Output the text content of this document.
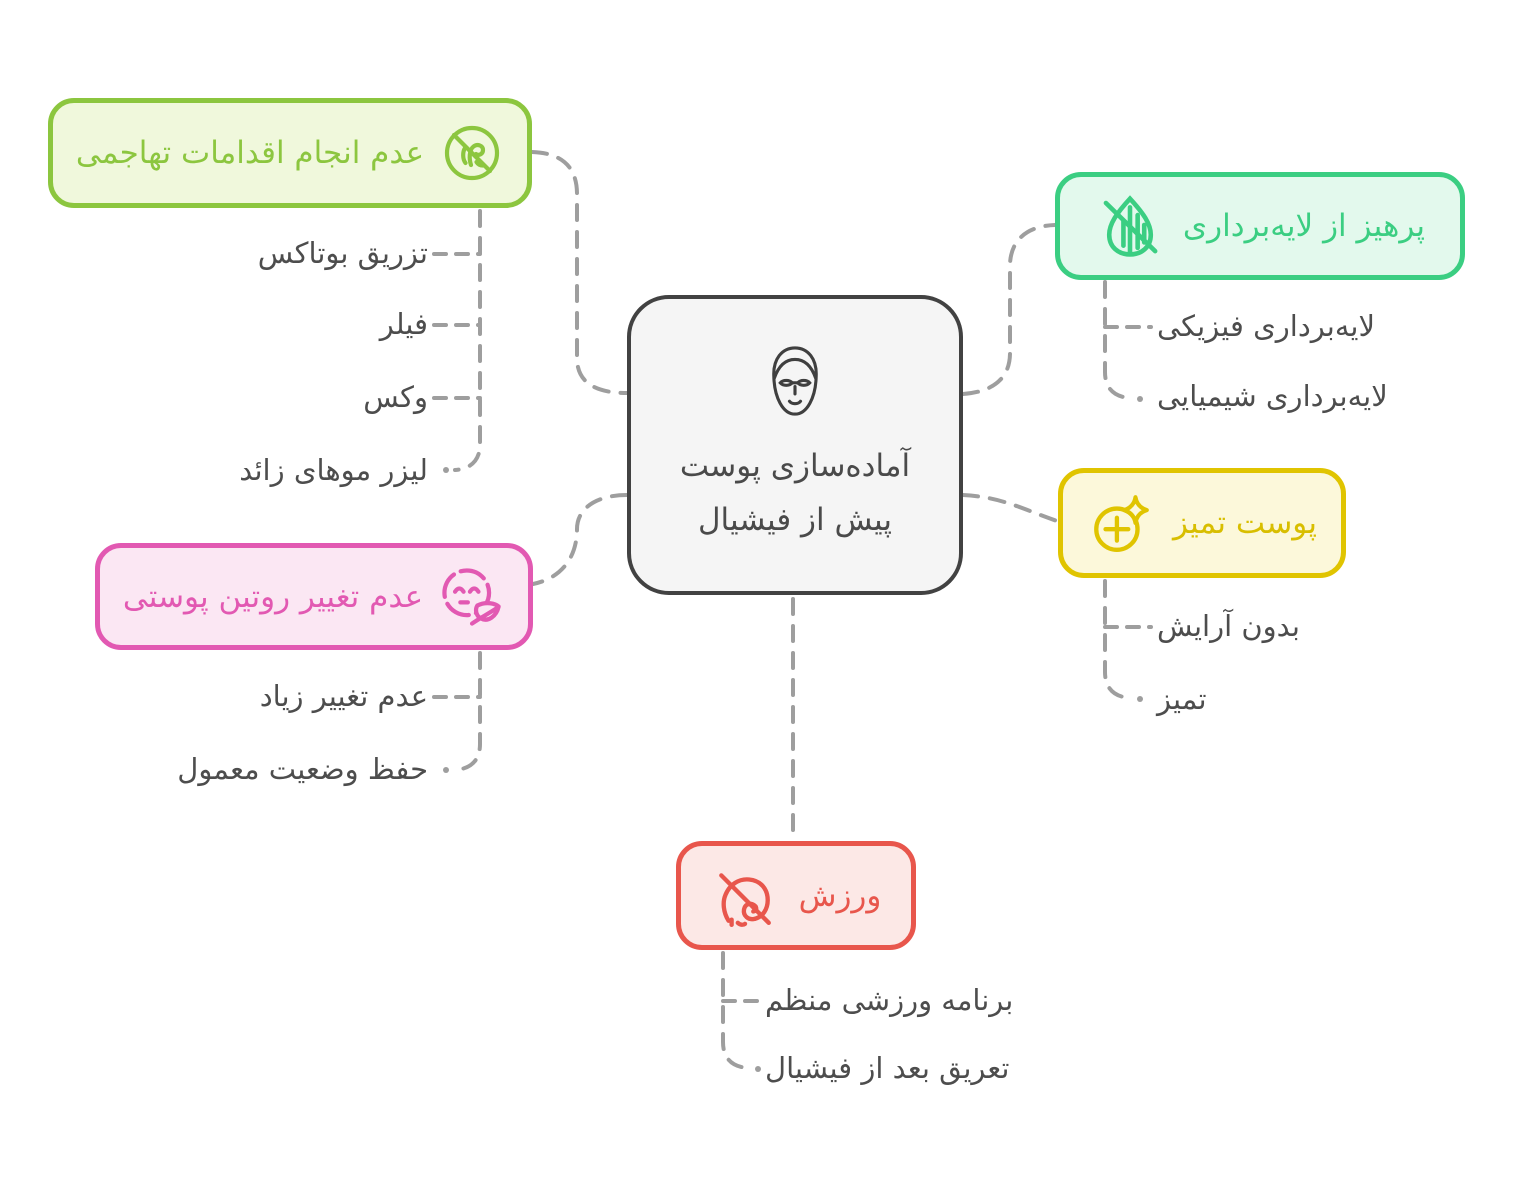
آماده‌سازی پوست
پیش از فیشیال
عدم انجام اقدامات تهاجمی
پرهیز از لایه‌برداری
پوست تمیز
عدم تغییر روتین پوستی
ورزش
تزریق بوتاکس
فیلر
وکس
لیزر موهای زائد
لایه‌برداری فیزیکی
لایه‌برداری شیمیایی
بدون آرایش
تمیز
عدم تغییر زیاد
حفظ وضعیت معمول
برنامه ورزشی منظم
تعریق بعد از فیشیال
